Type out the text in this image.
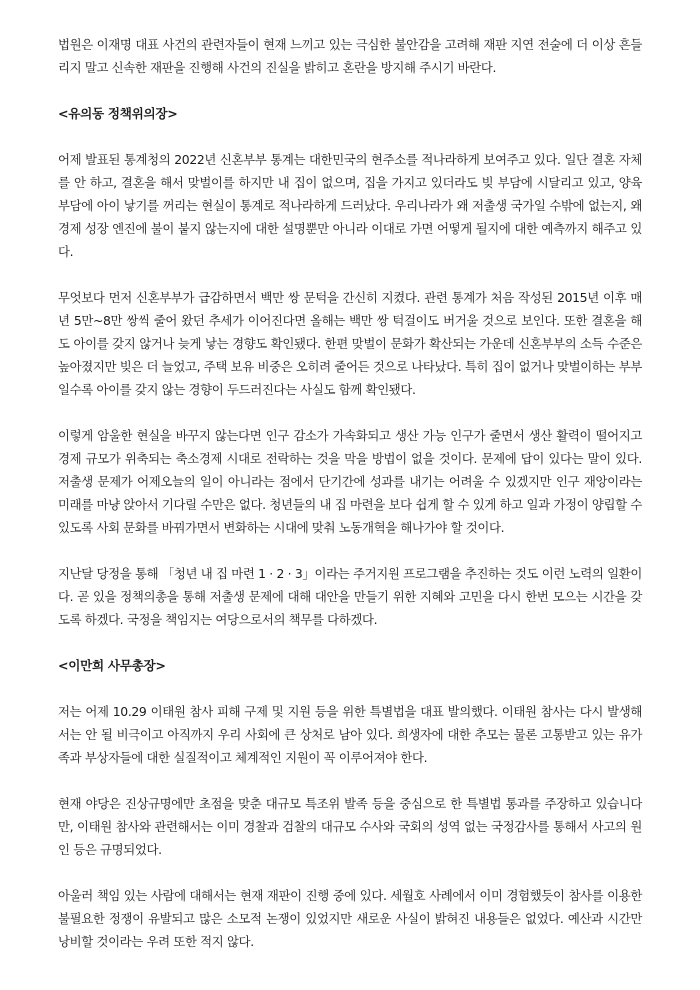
법원은 이재명 대표 사건의 관련자들이 현재 느끼고 있는 극심한 불안감을 고려해 재판 지연 전술에 더 이상 흔들리지 말고 신속한 재판을 진행해 사건의 진실을 밝히고 혼란을 방지해 주시기 바란다.

<유의동 정책위의장>

어제 발표된 통계청의 2022년 신혼부부 통계는 대한민국의 현주소를 적나라하게 보여주고 있다. 일단 결혼 자체를 안 하고, 결혼을 해서 맞벌이를 하지만 내 집이 없으며, 집을 가지고 있더라도 빚 부담에 시달리고 있고, 양육 부담에 아이 낳기를 꺼리는 현실이 통계로 적나라하게 드러났다. 우리나라가 왜 저출생 국가일 수밖에 없는지, 왜 경제 성장 엔진에 불이 붙지 않는지에 대한 설명뿐만 아니라 이대로 가면 어떻게 될지에 대한 예측까지 해주고 있다.

무엇보다 먼저 신혼부부가 급감하면서 백만 쌍 문턱을 간신히 지켰다. 관련 통계가 처음 작성된 2015년 이후 매년 5만~8만 쌍씩 줄어 왔던 추세가 이어진다면 올해는 백만 쌍 턱걸이도 버거울 것으로 보인다. 또한 결혼을 해도 아이를 갖지 않거나 늦게 낳는 경향도 확인됐다. 한편 맞벌이 문화가 확산되는 가운데 신혼부부의 소득 수준은 높아졌지만 빚은 더 늘었고, 주택 보유 비중은 오히려 줄어든 것으로 나타났다. 특히 집이 없거나 맞벌이하는 부부일수록 아이를 갖지 않는 경향이 두드러진다는 사실도 함께 확인됐다.

이렇게 암울한 현실을 바꾸지 않는다면 인구 감소가 가속화되고 생산 가능 인구가 줄면서 생산 활력이 떨어지고 경제 규모가 위축되는 축소경제 시대로 전락하는 것을 막을 방법이 없을 것이다. 문제에 답이 있다는 말이 있다. 저출생 문제가 어제오늘의 일이 아니라는 점에서 단기간에 성과를 내기는 어려울 수 있겠지만 인구 재앙이라는 미래를 마냥 앉아서 기다릴 수만은 없다. 청년들의 내 집 마련을 보다 쉽게 할 수 있게 하고 일과 가정이 양립할 수 있도록 사회 문화를 바꿔가면서 변화하는 시대에 맞춰 노동개혁을 해나가야 할 것이다.

지난달 당정을 통해 「청년 내 집 마련 1 · 2 · 3」이라는 주거지원 프로그램을 추진하는 것도 이런 노력의 일환이다. 곧 있을 정책의총을 통해 저출생 문제에 대해 대안을 만들기 위한 지혜와 고민을 다시 한번 모으는 시간을 갖도록 하겠다. 국정을 책임지는 여당으로서의 책무를 다하겠다.

<이만희 사무총장>

저는 어제 10.29 이태원 참사 피해 구제 및 지원 등을 위한 특별법을 대표 발의했다. 이태원 참사는 다시 발생해서는 안 될 비극이고 아직까지 우리 사회에 큰 상처로 남아 있다. 희생자에 대한 추모는 물론 고통받고 있는 유가족과 부상자들에 대한 실질적이고 체계적인 지원이 꼭 이루어져야 한다.

현재 야당은 진상규명에만 초점을 맞춘 대규모 특조위 발족 등을 중심으로 한 특별법 통과를 주장하고 있습니다만, 이태원 참사와 관련해서는 이미 경찰과 검찰의 대규모 수사와 국회의 성역 없는 국정감사를 통해서 사고의 원인 등은 규명되었다.

아울러 책임 있는 사람에 대해서는 현재 재판이 진행 중에 있다. 세월호 사례에서 이미 경험했듯이 참사를 이용한 불필요한 정쟁이 유발되고 많은 소모적 논쟁이 있었지만 새로운 사실이 밝혀진 내용들은 없었다. 예산과 시간만 낭비할 것이라는 우려 또한 적지 않다.
